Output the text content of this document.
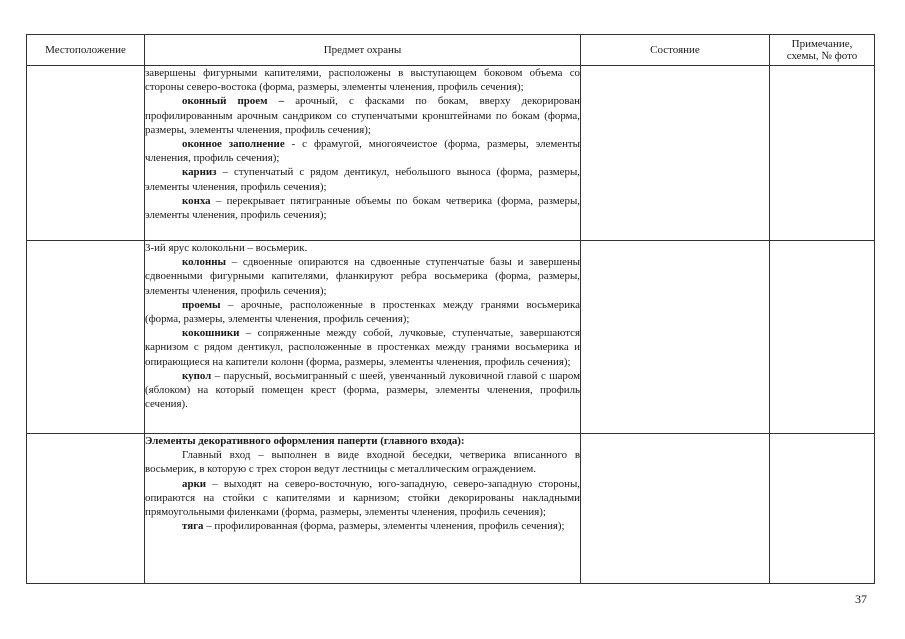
Местоположение	Предмет охраны	Состояние	Примечание, схемы, № фото

	завершены фигурными капителями, расположены в выступающем боковом объема со стороны северо-востока (форма, размеры, элементы членения, профиль сечения);

оконный проем – арочный, с фасками по бокам, вверху декорирован профилированным арочным сандриком со ступенчатыми кронштейнами по бокам (форма, размеры, элементы членения, профиль сечения);

оконное заполнение - с фрамугой, многоячеистое (форма, размеры, элементы членения, профиль сечения);

карниз – ступенчатый с рядом дентикул, небольшого выноса (форма, размеры, элементы членения, профиль сечения);

конха – перекрывает пятигранные объемы по бокам четверика (форма, размеры, элементы членения, профиль сечения);		

	3-ий ярус колокольни – восьмерик.

колонны – сдвоенные опираются на сдвоенные ступенчатые базы и завершены сдвоенными фигурными капителями, фланкируют ребра восьмерика (форма, размеры, элементы членения, профиль сечения);

проемы – арочные, расположенные в простенках между гранями восьмерика (форма, размеры, элементы членения, профиль сечения);

кокошники – сопряженные между собой, лучковые, ступенчатые, завершаются карнизом с рядом дентикул, расположенные в простенках между гранями восьмерика и опирающиеся на капители колонн (форма, размеры, элементы членения, профиль сечения);

купол – парусный, восьмигранный с шеей, увенчанный луковичной главой с шаром (яблоком) на который помещен крест (форма, размеры, элементы членения, профиль сечения).		

	Элементы декоративного оформления паперти (главного входа):

Главный вход – выполнен в виде входной беседки, четверика вписанного в восьмерик, в которую с трех сторон ведут лестницы с металлическим ограждением.

арки – выходят на северо-восточную, юго-западную, северо-западную стороны, опираются на стойки с капителями и карнизом; стойки декорированы накладными прямоугольными филенками (форма, размеры, элементы членения, профиль сечения);

тяга – профилированная (форма, размеры, элементы членения, профиль сечения);		

37
